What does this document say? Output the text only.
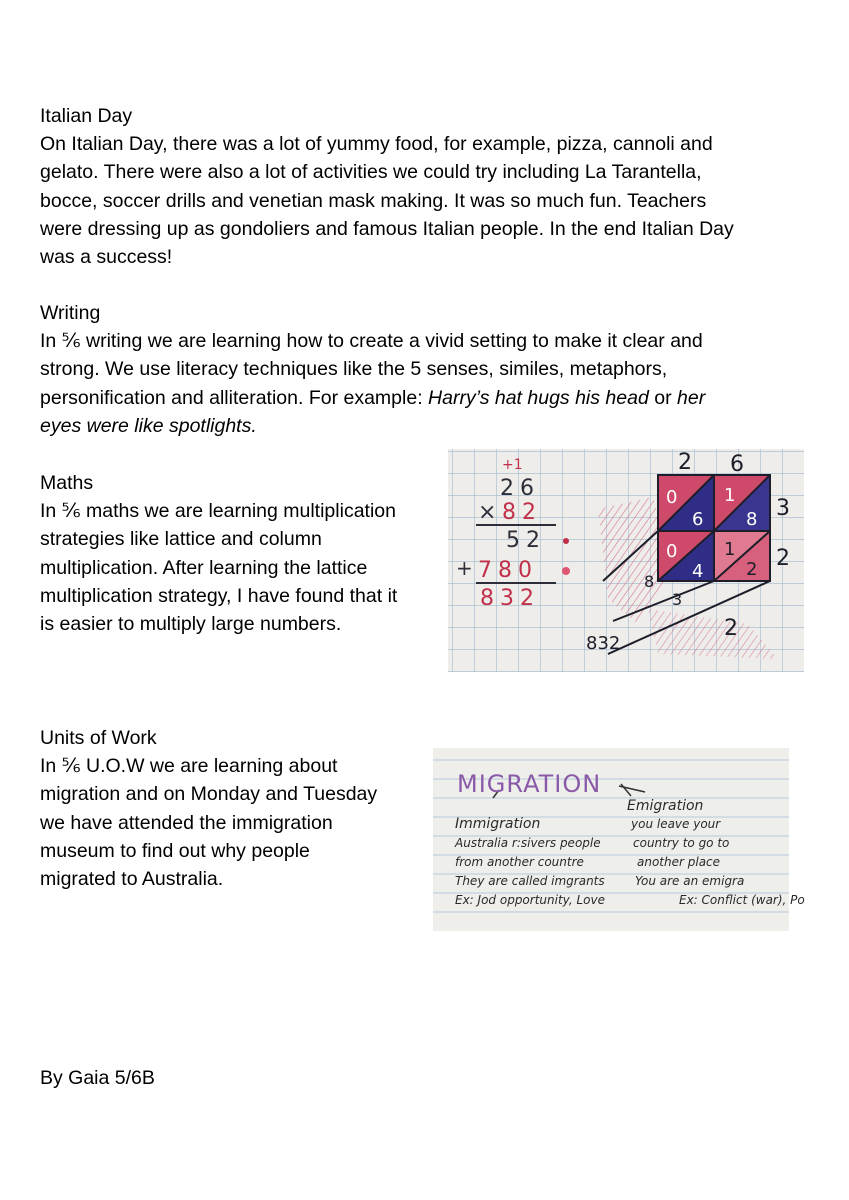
Italian Day
On Italian Day, there was a lot of yummy food, for example, pizza, cannoli and
gelato. There were also a lot of activities we could try including La Tarantella,
bocce, soccer drills and venetian mask making. It was so much fun. Teachers
were dressing up as gondoliers and famous Italian people. In the end Italian Day
was a success!
Writing
In ⅚ writing we are learning how to create a vivid setting to make it clear and
strong. We use literacy techniques like the 5 senses, similes, metaphors,
personification and alliteration. For example: Harry’s hat hugs his head or her
eyes were like spotlights.
Maths
In ⅚ maths we are learning multiplication
strategies like lattice and column
multiplication. After learning the lattice
multiplication strategy, I have found that it
is easier to multiply large numbers.
2 6
3
2
0	1
6 8
0	1
4 2
8
3
2
832
+1
26
× 82
52
+ 780
832
Units of Work
In ⅚ U.O.W we are learning about
migration and on Monday and Tuesday
we have attended the immigration
museum to find out why people
migrated to Australia.
MIGRATION
Immigration
Australia r:sivers people
from another countre
They are called imgrants
Ex: Jod opportunity, Love
Emigration
you leave your
country to go to
another place
You are an emigra
Ex: Conflict (war), Po
By Gaia 5/6B
